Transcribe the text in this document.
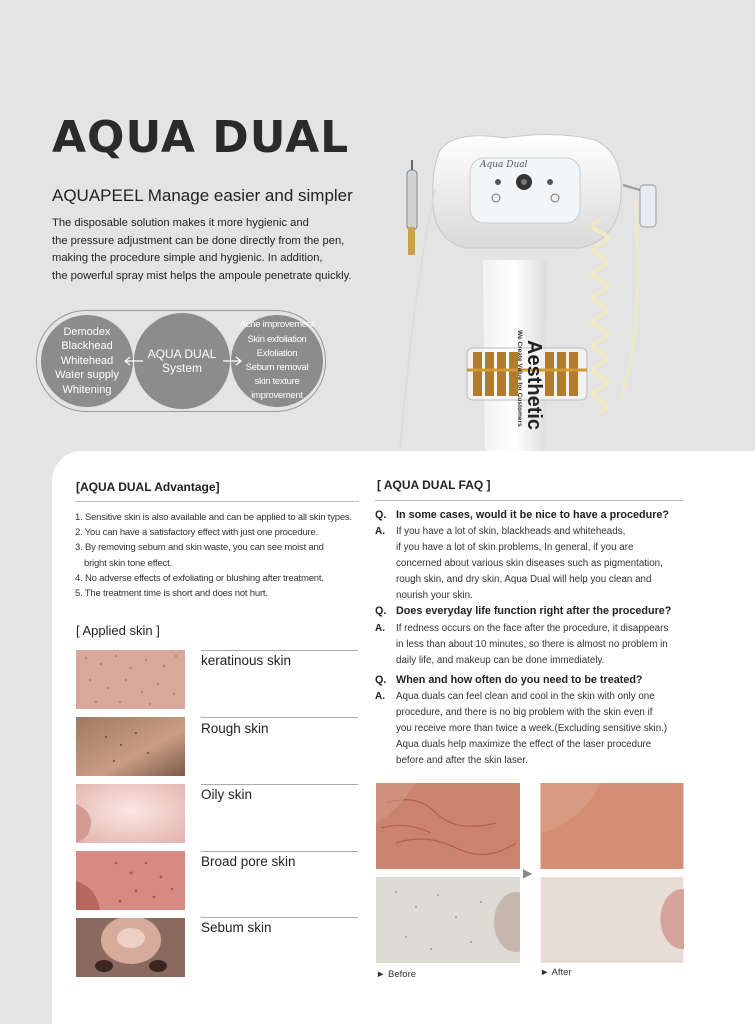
AQUA DUAL
AQUAPEEL Manage easier and simpler
The disposable solution makes it more hygienic and
the pressure adjustment can be done directly from the pen,
making the procedure simple and hygienic. In addition,
the powerful spray mist helps the ampoule penetrate quickly.
Demodex
Blackhead
Whitehead
Water supply
Whitening
AQUA DUAL
System
Acne improvement
Skin exfoliation
Exfoliation
Sebum removal
skin texture improvement
Aqua Dual
Aesthetic
We Create Value for Customers
[AQUA DUAL Advantage]
1. Sensitive skin is also available and can be applied to all skin types.
2. You can have a satisfactory effect with just one procedure.
3. By removing sebum and skin waste, you can see moist and
bright skin tone effect.
4. No adverse effects of exfoliating or blushing after treatment.
5. The treatment time is short and does not hurt.
[ Applied skin ]
keratinous skin
Rough skin
Oily skin
Broad pore skin
Sebum skin
[ AQUA DUAL FAQ ]
Q. In some cases, would it be nice to have a procedure?
A. If you have a lot of skin, blackheads and whiteheads,
if you have a lot of skin problems, In general, if you are
concerned about various skin diseases such as pigmentation,
rough skin, and dry skin, Aqua Dual will help you clean and
nourish your skin.
Q. Does everyday life function right after the procedure?
A. If redness occurs on the face after the procedure, it disappears
in less than about 10 minutes, so there is almost no problem in
daily life, and makeup can be done immediately.
Q. When and how often do you need to be treated?
A. Aqua duals can feel clean and cool in the skin with only one
procedure, and there is no big problem with the skin even if
you receive more than twice a week.(Excluding sensitive skin.)
Aqua duals help maximize the effect of the laser procedure
before and after the skin laser.
▶
► Before	► After
